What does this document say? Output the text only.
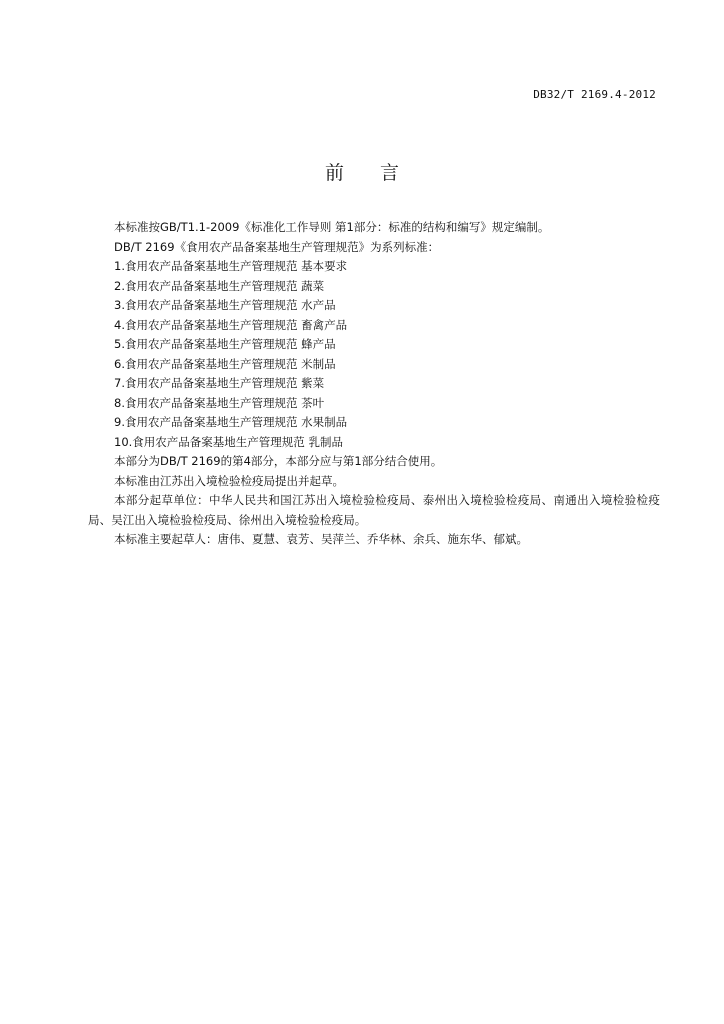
DB32/T 2169.4-2012
前言
本标准按GB/T1.1-2009《标准化工作导则 第1部分：标准的结构和编写》规定编制。
DB/T 2169《食用农产品备案基地生产管理规范》为系列标准：
1.食用农产品备案基地生产管理规范 基本要求
2.食用农产品备案基地生产管理规范 蔬菜
3.食用农产品备案基地生产管理规范 水产品
4.食用农产品备案基地生产管理规范 畜禽产品
5.食用农产品备案基地生产管理规范 蜂产品
6.食用农产品备案基地生产管理规范 米制品
7.食用农产品备案基地生产管理规范 紫菜
8.食用农产品备案基地生产管理规范 茶叶
9.食用农产品备案基地生产管理规范 水果制品
10.食用农产品备案基地生产管理规范 乳制品
本部分为DB/T 2169的第4部分，本部分应与第1部分结合使用。
本标准由江苏出入境检验检疫局提出并起草。
本部分起草单位：中华人民共和国江苏出入境检验检疫局、泰州出入境检验检疫局、南通出入境检验检疫局、吴江出入境检验检疫局、徐州出入境检验检疫局。
本标准主要起草人：唐伟、夏慧、袁芳、吴萍兰、乔华林、余兵、施东华、郁斌。
